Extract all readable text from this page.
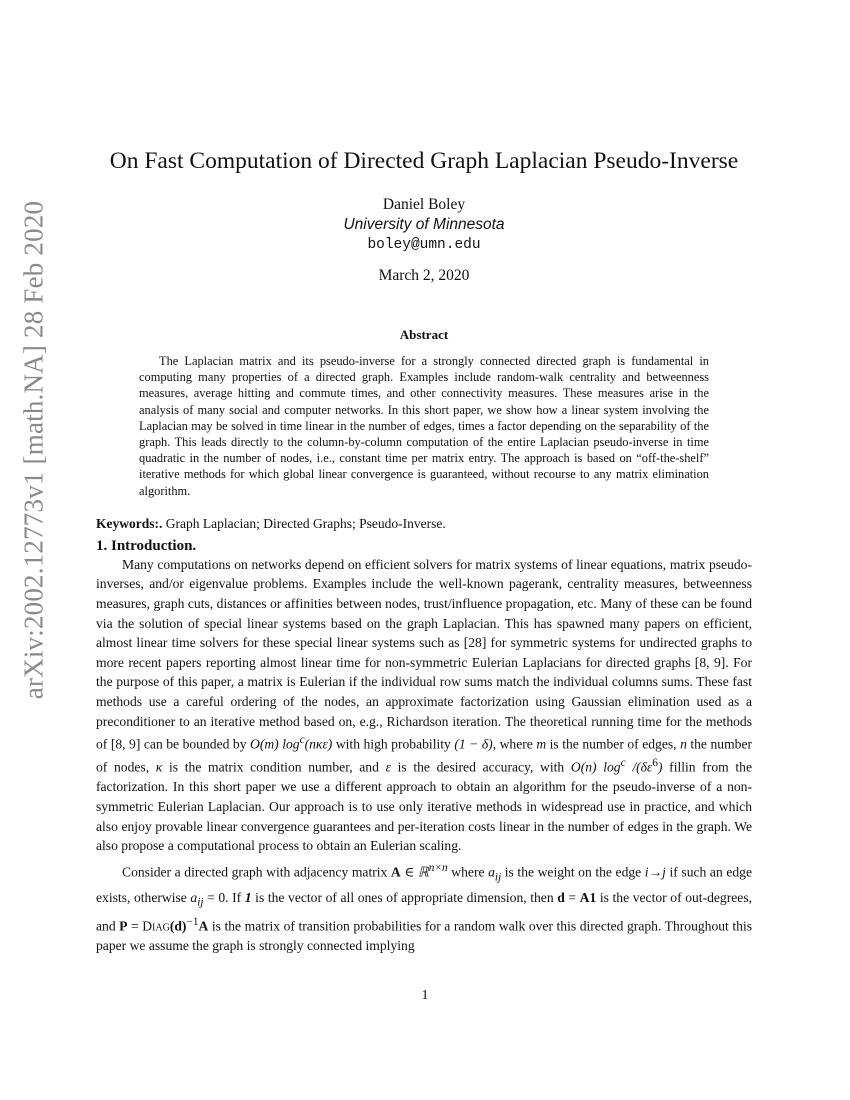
arXiv:2002.12773v1 [math.NA] 28 Feb 2020
On Fast Computation of Directed Graph Laplacian Pseudo-Inverse
Daniel Boley
University of Minnesota
boley@umn.edu
March 2, 2020
Abstract

The Laplacian matrix and its pseudo-inverse for a strongly connected directed graph is fundamental in computing many properties of a directed graph. Examples include random-walk centrality and betweenness measures, average hitting and commute times, and other connectivity measures. These measures arise in the analysis of many social and computer networks. In this short paper, we show how a linear system involving the Laplacian may be solved in time linear in the number of edges, times a factor depending on the separability of the graph. This leads directly to the column-by-column computation of the entire Laplacian pseudo-inverse in time quadratic in the number of nodes, i.e., constant time per matrix entry. The approach is based on “off-the-shelf” iterative methods for which global linear convergence is guaranteed, without recourse to any matrix elimination algorithm.

Keywords:. Graph Laplacian; Directed Graphs; Pseudo-Inverse.
1. Introduction.

Many computations on networks depend on efficient solvers for matrix systems of linear equations, matrix pseudo-inverses, and/or eigenvalue problems. Examples include the well-known pagerank, centrality measures, betweenness measures, graph cuts, distances or affinities between nodes, trust/influence propagation, etc. Many of these can be found via the solution of special linear systems based on the graph Laplacian. This has spawned many papers on efficient, almost linear time solvers for these special linear systems such as [28] for symmetric systems for undirected graphs to more recent papers reporting almost linear time for non-symmetric Eulerian Laplacians for directed graphs [8, 9]. For the purpose of this paper, a matrix is Eulerian if the individual row sums match the individual columns sums. These fast methods use a careful ordering of the nodes, an approximate factorization using Gaussian elimination used as a preconditioner to an iterative method based on, e.g., Richardson iteration. The theoretical running time for the methods of [8, 9] can be bounded by O(m) $\log^c(n\kappa\varepsilon)$ with high probability (1 − δ), where m is the number of edges, n the number of nodes, κ is the matrix condition number, and ε is the desired accuracy, with O(n) $\log^c /(\delta\varepsilon^6)$ fillin from the factorization. In this short paper we use a different approach to obtain an algorithm for the pseudo-inverse of a non-symmetric Eulerian Laplacian. Our approach is to use only iterative methods in widespread use in practice, and which also enjoy provable linear convergence guarantees and per-iteration costs linear in the number of edges in the graph. We also propose a computational process to obtain an Eulerian scaling.

Consider a directed graph with adjacency matrix A ∈ ℝ$^{n\times n}$ where $a_{ij}$ is the weight on the edge i→j if such an edge exists, otherwise $a_{ij} = 0$. If 1 is the vector of all ones of appropriate dimension, then d = A1 is the vector of out-degrees, and $P = Diag(d)^{-1}A$ is the matrix of transition probabilities for a random walk over this directed graph. Throughout this paper we assume the graph is strongly connected implying

1
